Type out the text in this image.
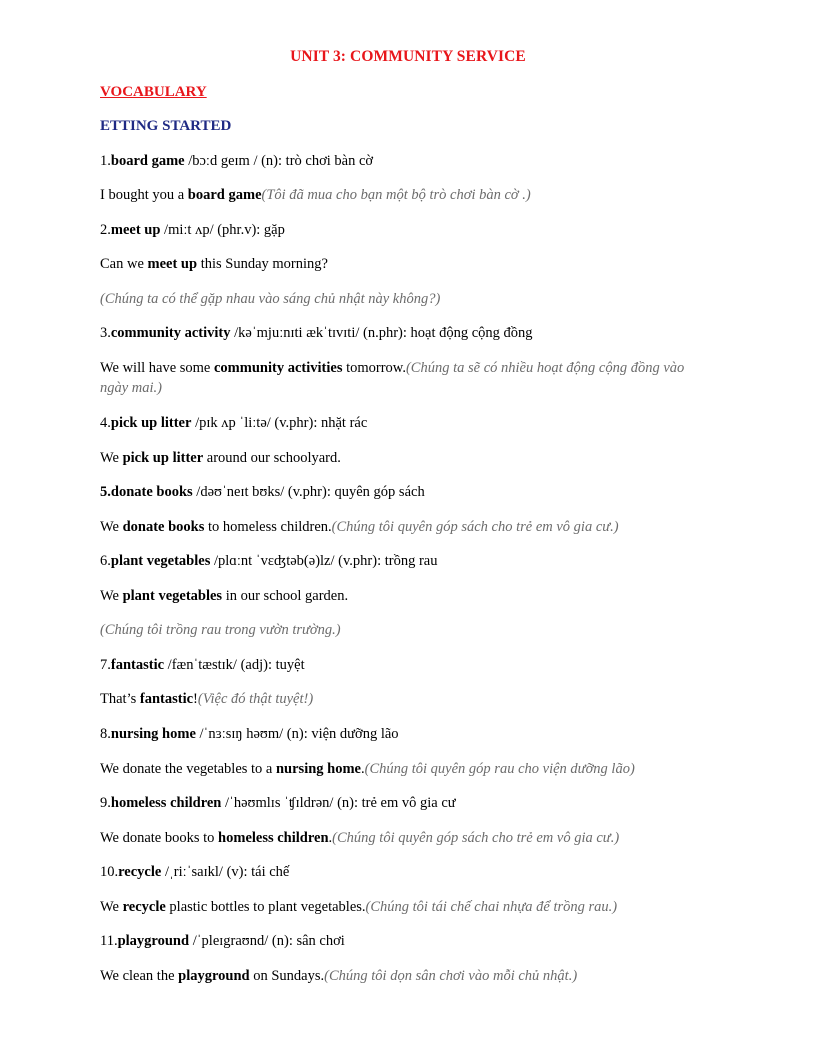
UNIT 3: COMMUNITY SERVICE
VOCABULARY
ETTING STARTED
1.board game /bɔːd geɪm / (n): trò chơi bàn cờ
I bought you a board game(Tôi đã mua cho bạn một bộ trò chơi bàn cờ .)
2.meet up /miːt ʌp/ (phr.v): gặp
Can we meet up this Sunday morning?
(Chúng ta có thể gặp nhau vào sáng chủ nhật này không?)
3.community activity /kəˈmjuːnɪti ækˈtɪvɪti/ (n.phr): hoạt động cộng đồng
We will have some community activities tomorrow.(Chúng ta sẽ có nhiều hoạt động cộng đồng vào ngày mai.)
4.pick up litter /pɪk ʌp ˈliːtə/ (v.phr): nhặt rác
We pick up litter around our schoolyard.
5.donate books /dəʊˈneɪt bʊks/ (v.phr): quyên góp sách
We donate books to homeless children.(Chúng tôi quyên góp sách cho trẻ em vô gia cư.)
6.plant vegetables /plɑːnt ˈvɛʤtəb(ə)lz/ (v.phr): trồng rau
We plant vegetables in our school garden.
(Chúng tôi trồng rau trong vườn trường.)
7.fantastic /fænˈtæstɪk/ (adj): tuyệt
That’s fantastic!(Việc đó thật tuyệt!)
8.nursing home /ˈnɜːsɪŋ həʊm/ (n): viện dưỡng lão
We donate the vegetables to a nursing home.(Chúng tôi quyên góp rau cho viện dưỡng lão)
9.homeless children /ˈhəʊmlɪs ˈʧɪldrən/ (n): trẻ em vô gia cư
We donate books to homeless children.(Chúng tôi quyên góp sách cho trẻ em vô gia cư.)
10.recycle /ˌriːˈsaɪkl/ (v): tái chế
We recycle plastic bottles to plant vegetables.(Chúng tôi tái chế chai nhựa để trồng rau.)
11.playground /ˈpleɪgraʊnd/ (n): sân chơi
We clean the playground on Sundays.(Chúng tôi dọn sân chơi vào mỗi chủ nhật.)
